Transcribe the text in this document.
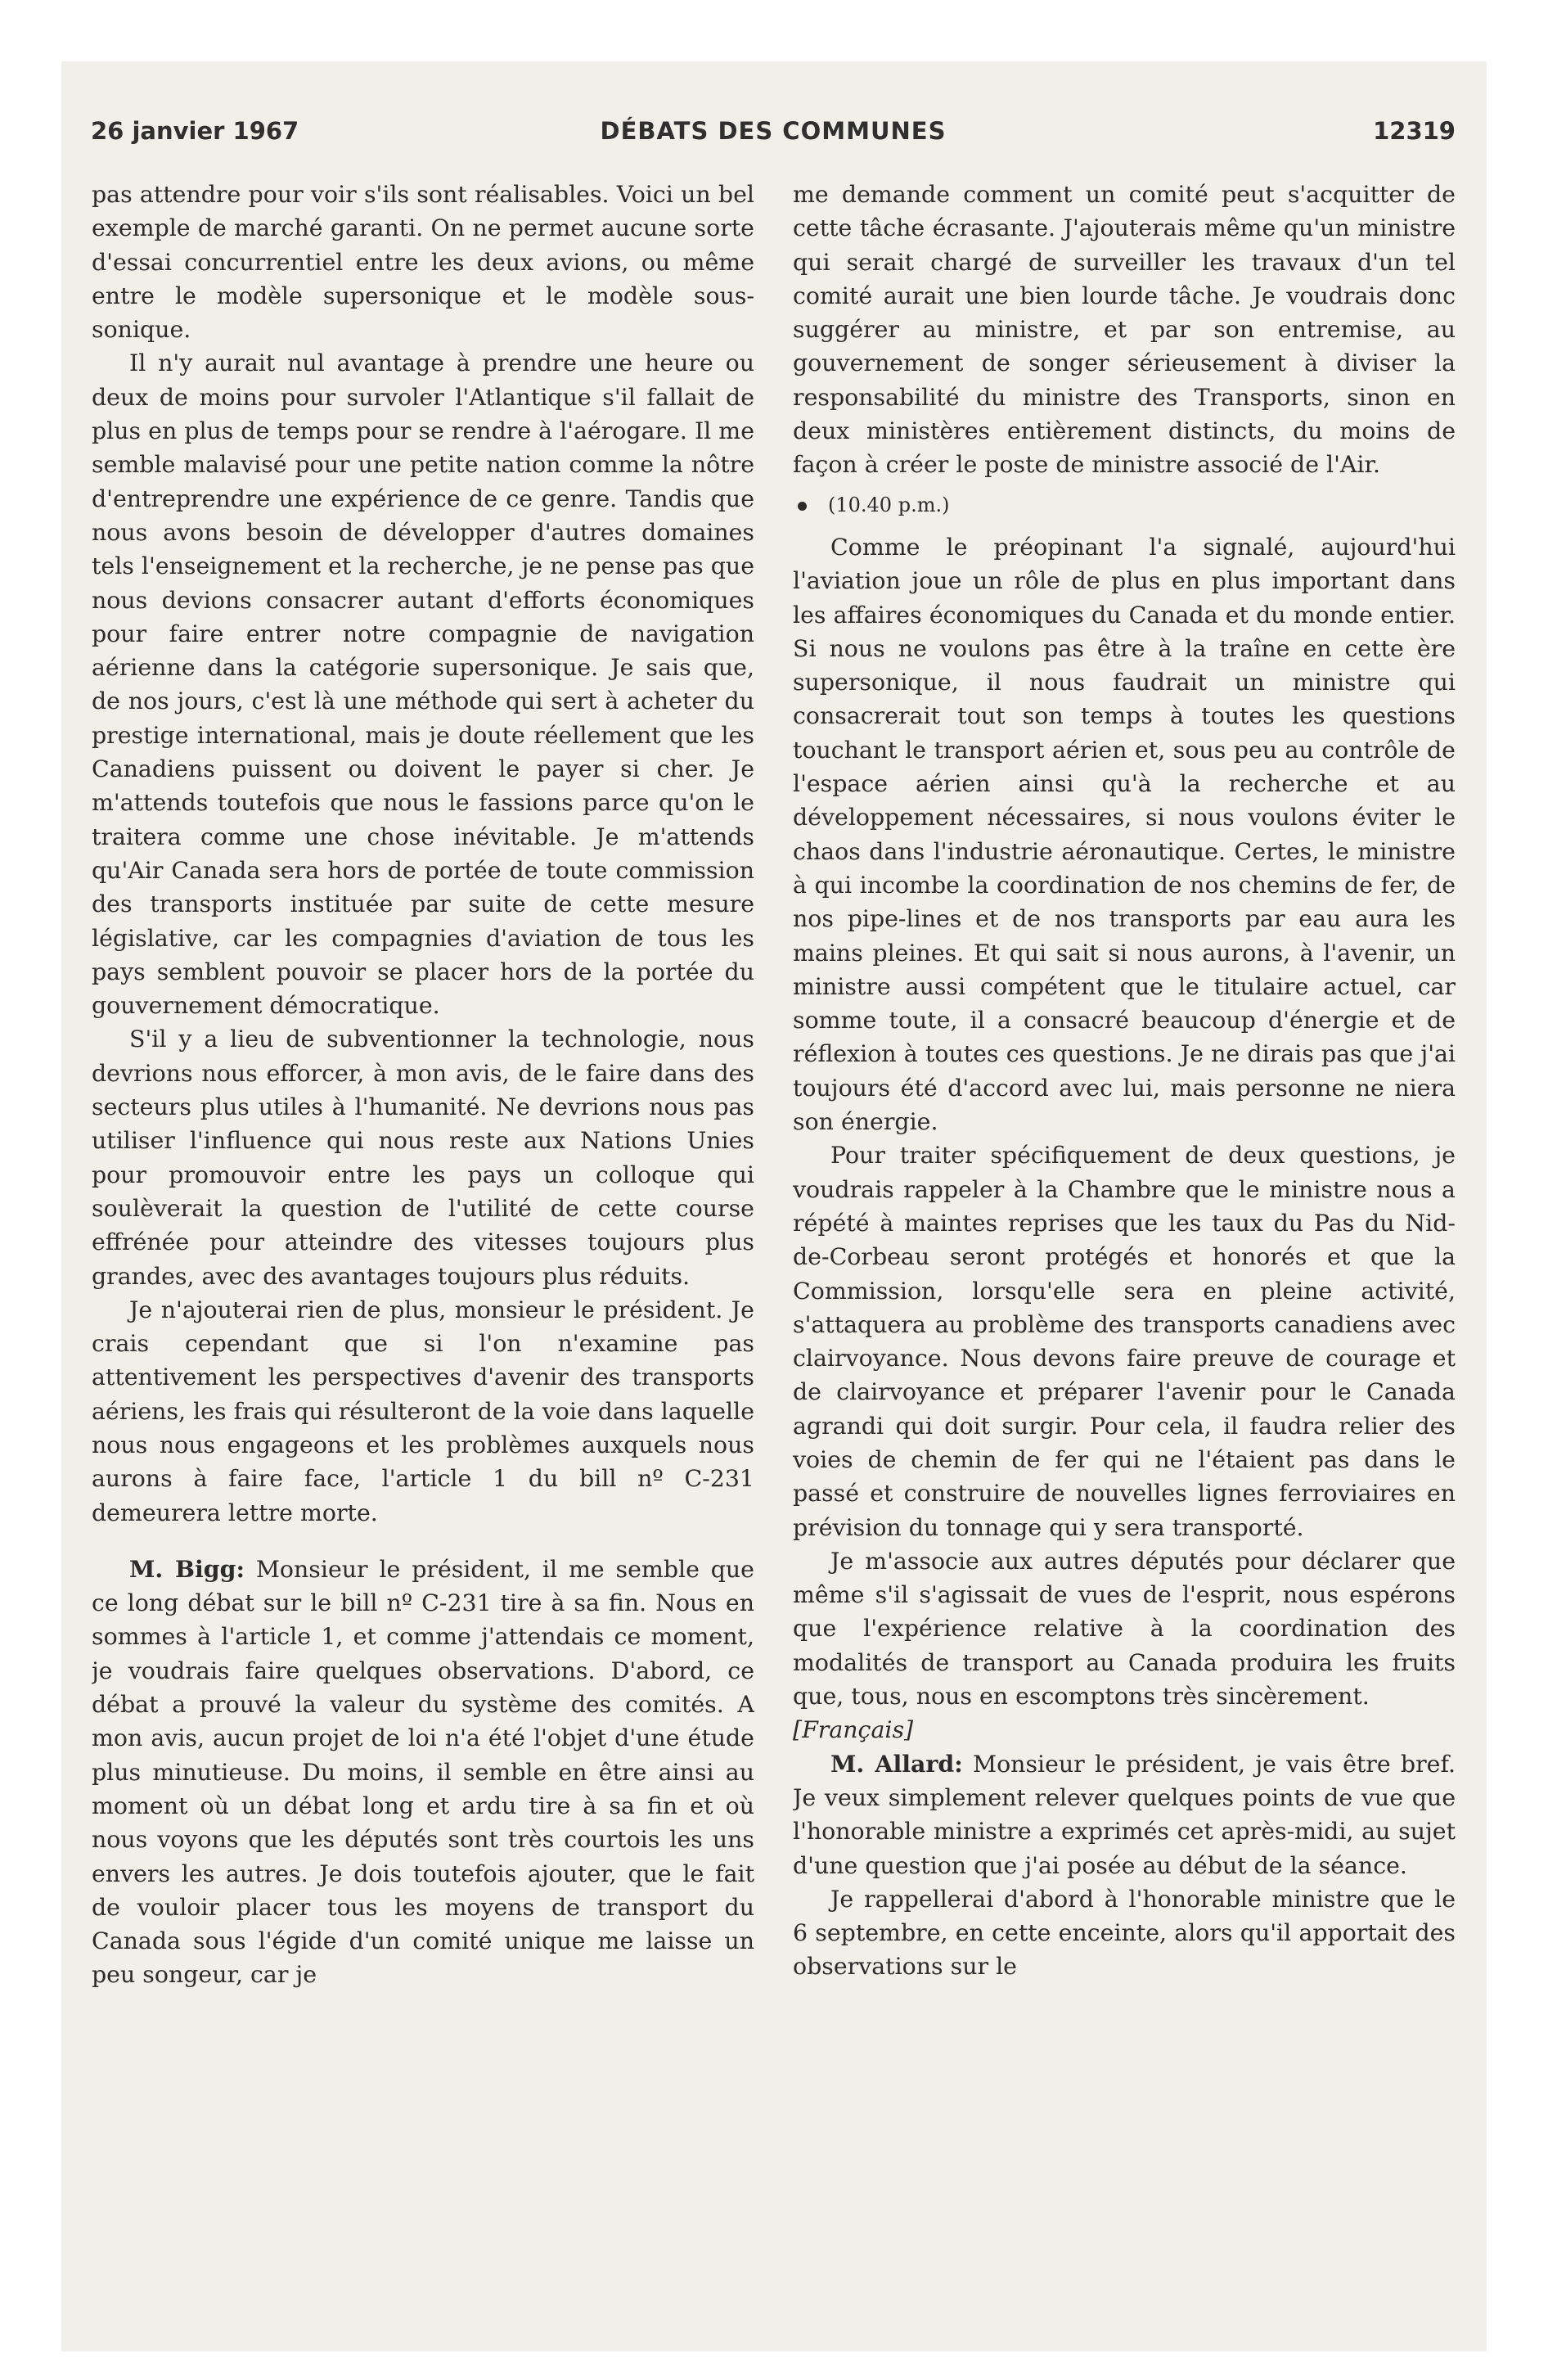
26 janvier 1967	DÉBATS DES COMMUNES	12319

pas attendre pour voir s'ils sont réalisables. Voici un bel exemple de marché garanti. On ne permet aucune sorte d'essai concurrentiel entre les deux avions, ou même entre le modèle supersonique et le modèle sous-sonique.

Il n'y aurait nul avantage à prendre une heure ou deux de moins pour survoler l'Atlantique s'il fallait de plus en plus de temps pour se rendre à l'aérogare. Il me semble malavisé pour une petite nation comme la nôtre d'entreprendre une expérience de ce genre. Tandis que nous avons besoin de développer d'autres domaines tels l'enseignement et la recherche, je ne pense pas que nous devions consacrer autant d'efforts économiques pour faire entrer notre compagnie de navigation aérienne dans la catégorie supersonique. Je sais que, de nos jours, c'est là une méthode qui sert à acheter du prestige international, mais je doute réellement que les Canadiens puissent ou doivent le payer si cher. Je m'attends toutefois que nous le fassions parce qu'on le traitera comme une chose inévitable. Je m'attends qu'Air Canada sera hors de portée de toute commission des transports instituée par suite de cette mesure législative, car les compagnies d'aviation de tous les pays semblent pouvoir se placer hors de la portée du gouvernement démocratique.

S'il y a lieu de subventionner la technologie, nous devrions nous efforcer, à mon avis, de le faire dans des secteurs plus utiles à l'humanité. Ne devrions nous pas utiliser l'influence qui nous reste aux Nations Unies pour promouvoir entre les pays un colloque qui soulèverait la question de l'utilité de cette course effrénée pour atteindre des vitesses toujours plus grandes, avec des avantages toujours plus réduits.

Je n'ajouterai rien de plus, monsieur le président. Je crais cependant que si l'on n'examine pas attentivement les perspectives d'avenir des transports aériens, les frais qui résulteront de la voie dans laquelle nous nous engageons et les problèmes auxquels nous aurons à faire face, l'article 1 du bill nº C-231 demeurera lettre morte.

M. Bigg: Monsieur le président, il me semble que ce long débat sur le bill nº C-231 tire à sa fin. Nous en sommes à l'article 1, et comme j'attendais ce moment, je voudrais faire quelques observations. D'abord, ce débat a prouvé la valeur du système des comités. A mon avis, aucun projet de loi n'a été l'objet d'une étude plus minutieuse. Du moins, il semble en être ainsi au moment où un débat long et ardu tire à sa fin et où nous voyons que les députés sont très courtois les uns envers les autres. Je dois toutefois ajouter, que le fait de vouloir placer tous les moyens de transport du Canada sous l'égide d'un comité unique me laisse un peu songeur, car je

me demande comment un comité peut s'acquitter de cette tâche écrasante. J'ajouterais même qu'un ministre qui serait chargé de surveiller les travaux d'un tel comité aurait une bien lourde tâche. Je voudrais donc suggérer au ministre, et par son entremise, au gouvernement de songer sérieusement à diviser la responsabilité du ministre des Transports, sinon en deux ministères entièrement distincts, du moins de façon à créer le poste de ministre associé de l'Air.

(10.40 p.m.)

Comme le préopinant l'a signalé, aujourd'hui l'aviation joue un rôle de plus en plus important dans les affaires économiques du Canada et du monde entier. Si nous ne voulons pas être à la traîne en cette ère supersonique, il nous faudrait un ministre qui consacrerait tout son temps à toutes les questions touchant le transport aérien et, sous peu au contrôle de l'espace aérien ainsi qu'à la recherche et au développement nécessaires, si nous voulons éviter le chaos dans l'industrie aéronautique. Certes, le ministre à qui incombe la coordination de nos chemins de fer, de nos pipe-lines et de nos transports par eau aura les mains pleines. Et qui sait si nous aurons, à l'avenir, un ministre aussi compétent que le titulaire actuel, car somme toute, il a consacré beaucoup d'énergie et de réflexion à toutes ces questions. Je ne dirais pas que j'ai toujours été d'accord avec lui, mais personne ne niera son énergie.

Pour traiter spécifiquement de deux questions, je voudrais rappeler à la Chambre que le ministre nous a répété à maintes reprises que les taux du Pas du Nid-de-Corbeau seront protégés et honorés et que la Commission, lorsqu'elle sera en pleine activité, s'attaquera au problème des transports canadiens avec clairvoyance. Nous devons faire preuve de courage et de clairvoyance et préparer l'avenir pour le Canada agrandi qui doit surgir. Pour cela, il faudra relier des voies de chemin de fer qui ne l'étaient pas dans le passé et construire de nouvelles lignes ferroviaires en prévision du tonnage qui y sera transporté.

Je m'associe aux autres députés pour déclarer que même s'il s'agissait de vues de l'esprit, nous espérons que l'expérience relative à la coordination des modalités de transport au Canada produira les fruits que, tous, nous en escomptons très sincèrement.

[Français]

M. Allard: Monsieur le président, je vais être bref. Je veux simplement relever quelques points de vue que l'honorable ministre a exprimés cet après-midi, au sujet d'une question que j'ai posée au début de la séance.

Je rappellerai d'abord à l'honorable ministre que le 6 septembre, en cette enceinte, alors qu'il apportait des observations sur le
